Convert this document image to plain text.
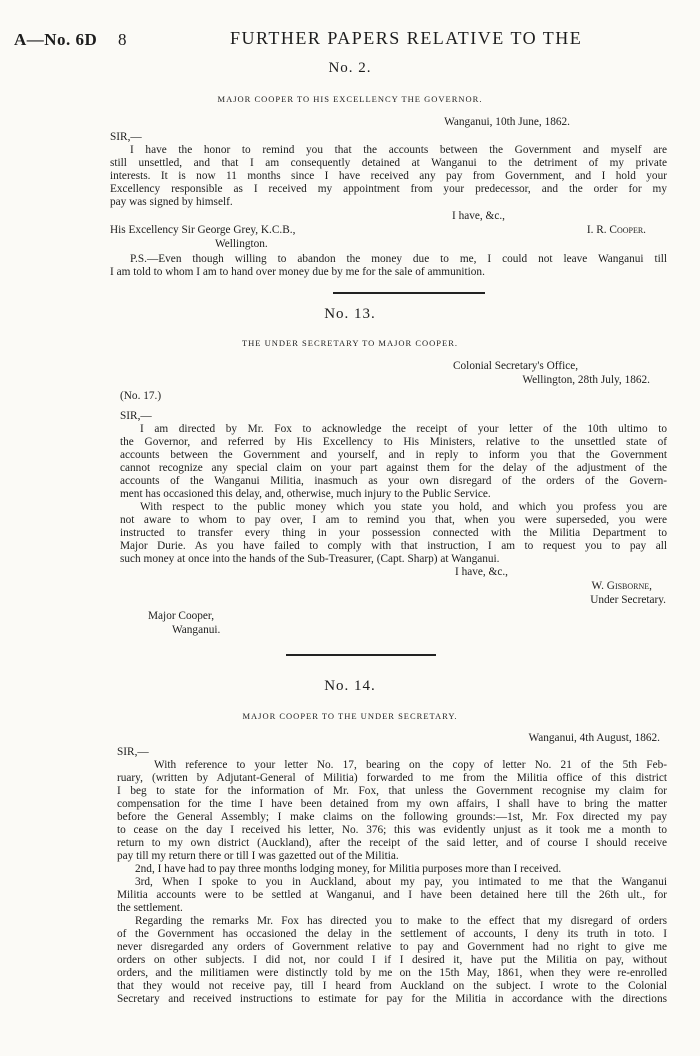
A—No. 6D 8	FURTHER PAPERS RELATIVE TO THE
No. 2.
MAJOR COOPER TO HIS EXCELLENCY THE GOVERNOR.
Wanganui, 10th June, 1862.
SIR,—
I have the honor to remind you that the accounts between the Government and myself are
still unsettled, and that I am consequently detained at Wanganui to the detriment of my private
interests. It is now 11 months since I have received any pay from Government, and I hold your
Excellency responsible as I received my appointment from your predecessor, and the order for my
pay was signed by himself.
I have, &c.,
His Excellency Sir George Grey, K.C.B.,	I. R. Cooper.
Wellington.
P.S.—Even though willing to abandon the money due to me, I could not leave Wanganui till
I am told to whom I am to hand over money due by me for the sale of ammunition.
No. 13.
THE UNDER SECRETARY TO MAJOR COOPER.
Colonial Secretary's Office,
Wellington, 28th July, 1862.
(No. 17.)
SIR,—
I am directed by Mr. Fox to acknowledge the receipt of your letter of the 10th ultimo to
the Governor, and referred by His Excellency to His Ministers, relative to the unsettled state of
accounts between the Government and yourself, and in reply to inform you that the Government
cannot recognize any special claim on your part against them for the delay of the adjustment of the
accounts of the Wanganui Militia, inasmuch as your own disregard of the orders of the Govern-
ment has occasioned this delay, and, otherwise, much injury to the Public Service.
With respect to the public money which you state you hold, and which you profess you are
not aware to whom to pay over, I am to remind you that, when you were superseded, you were
instructed to transfer every thing in your possession connected with the Militia Department to
Major Durie. As you have failed to comply with that instruction, I am to request you to pay all
such money at once into the hands of the Sub-Treasurer, (Capt. Sharp) at Wanganui.
I have, &c.,
W. Gisborne,
Under Secretary.
Major Cooper,
Wanganui.
No. 14.
MAJOR COOPER TO THE UNDER SECRETARY.
Wanganui, 4th August, 1862.
SIR,—
With reference to your letter No. 17, bearing on the copy of letter No. 21 of the 5th Feb-
ruary, (written by Adjutant-General of Militia) forwarded to me from the Militia office of this district
I beg to state for the information of Mr. Fox, that unless the Government recognise my claim for
compensation for the time I have been detained from my own affairs, I shall have to bring the matter
before the General Assembly; I make claims on the following grounds:—1st, Mr. Fox directed my pay
to cease on the day I received his letter, No. 376; this was evidently unjust as it took me a month to
return to my own district (Auckland), after the receipt of the said letter, and of course I should receive
pay till my return there or till I was gazetted out of the Militia.
2nd, I have had to pay three months lodging money, for Militia purposes more than I received.
3rd, When I spoke to you in Auckland, about my pay, you intimated to me that the Wanganui
Militia accounts were to be settled at Wanganui, and I have been detained here till the 26th ult., for
the settlement.
Regarding the remarks Mr. Fox has directed you to make to the effect that my disregard of orders
of the Government has occasioned the delay in the settlement of accounts, I deny its truth in toto. I
never disregarded any orders of Government relative to pay and Government had no right to give me
orders on other subjects. I did not, nor could I if I desired it, have put the Militia on pay, without
orders, and the militiamen were distinctly told by me on the 15th May, 1861, when they were re-enrolled
that they would not receive pay, till I heard from Auckland on the subject. I wrote to the Colonial
Secretary and received instructions to estimate for pay for the Militia in accordance with the directions
